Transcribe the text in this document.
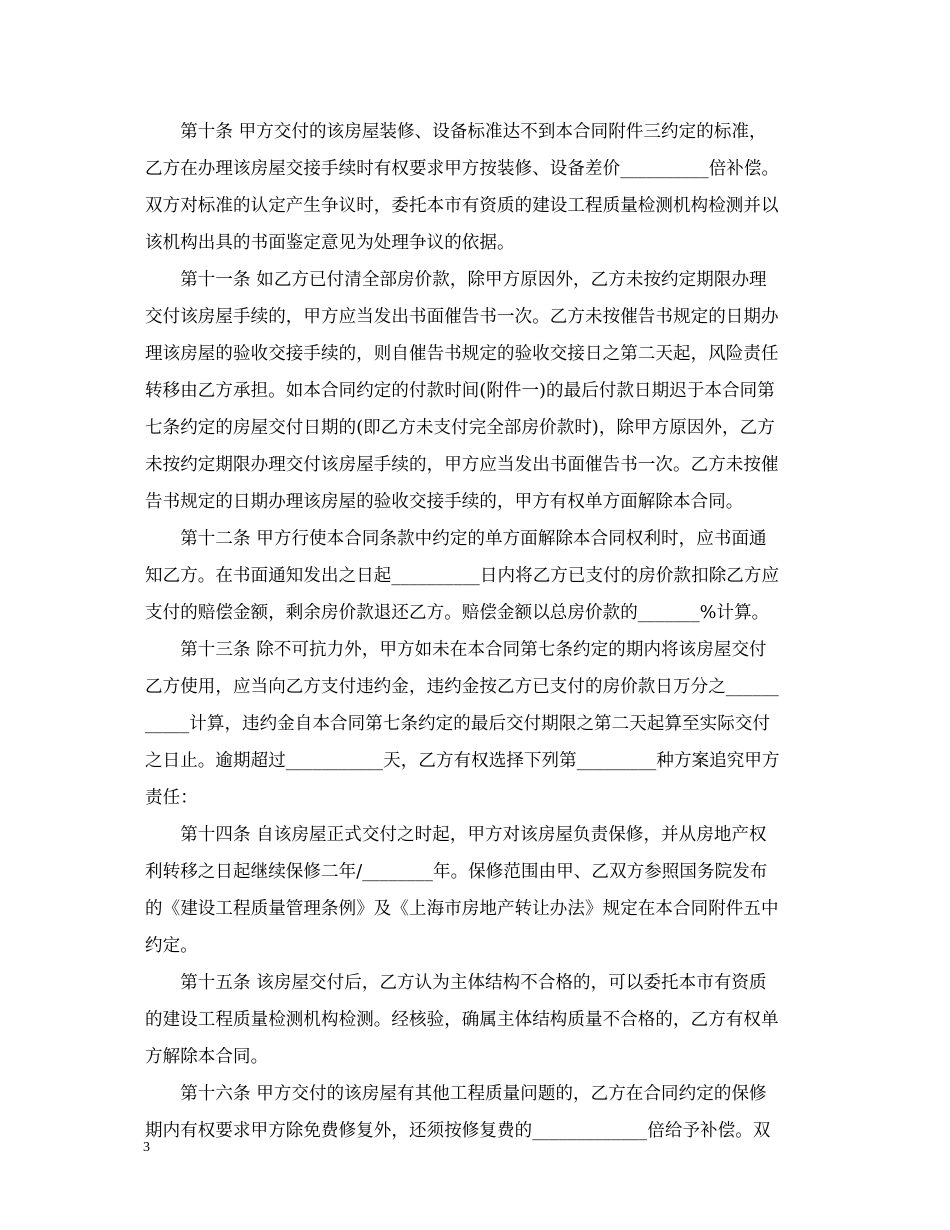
　　第十条 甲方交付的该房屋装修、设备标准达不到本合同附件三约定的标准，
乙方在办理该房屋交接手续时有权要求甲方按装修、设备差价__________倍补偿。
双方对标准的认定产生争议时，委托本市有资质的建设工程质量检测机构检测并以
该机构出具的书面鉴定意见为处理争议的依据。
　　第十一条 如乙方已付清全部房价款，除甲方原因外，乙方未按约定期限办理
交付该房屋手续的，甲方应当发出书面催告书一次。乙方未按催告书规定的日期办
理该房屋的验收交接手续的，则自催告书规定的验收交接日之第二天起，风险责任
转移由乙方承担。如本合同约定的付款时间(附件一)的最后付款日期迟于本合同第
七条约定的房屋交付日期的(即乙方未支付完全部房价款时)，除甲方原因外，乙方
未按约定期限办理交付该房屋手续的，甲方应当发出书面催告书一次。乙方未按催
告书规定的日期办理该房屋的验收交接手续的，甲方有权单方面解除本合同。
　　第十二条 甲方行使本合同条款中约定的单方面解除本合同权利时，应书面通
知乙方。在书面通知发出之日起__________日内将乙方已支付的房价款扣除乙方应
支付的赔偿金额，剩余房价款退还乙方。赔偿金额以总房价款的_______%计算。
　　第十三条 除不可抗力外，甲方如未在本合同第七条约定的期内将该房屋交付
乙方使用，应当向乙方支付违约金，违约金按乙方已支付的房价款日万分之______
_____计算，违约金自本合同第七条约定的最后交付期限之第二天起算至实际交付
之日止。逾期超过___________天，乙方有权选择下列第_________种方案追究甲方
责任：
　　第十四条 自该房屋正式交付之时起，甲方对该房屋负责保修，并从房地产权
利转移之日起继续保修二年/________年。保修范围由甲、乙双方参照国务院发布
的《建设工程质量管理条例》及《上海市房地产转让办法》规定在本合同附件五中
约定。
　　第十五条 该房屋交付后，乙方认为主体结构不合格的，可以委托本市有资质
的建设工程质量检测机构检测。经核验，确属主体结构质量不合格的，乙方有权单
方解除本合同。
　　第十六条 甲方交付的该房屋有其他工程质量问题的，乙方在合同约定的保修
期内有权要求甲方除免费修复外，还须按修复费的_____________倍给予补偿。双
3
